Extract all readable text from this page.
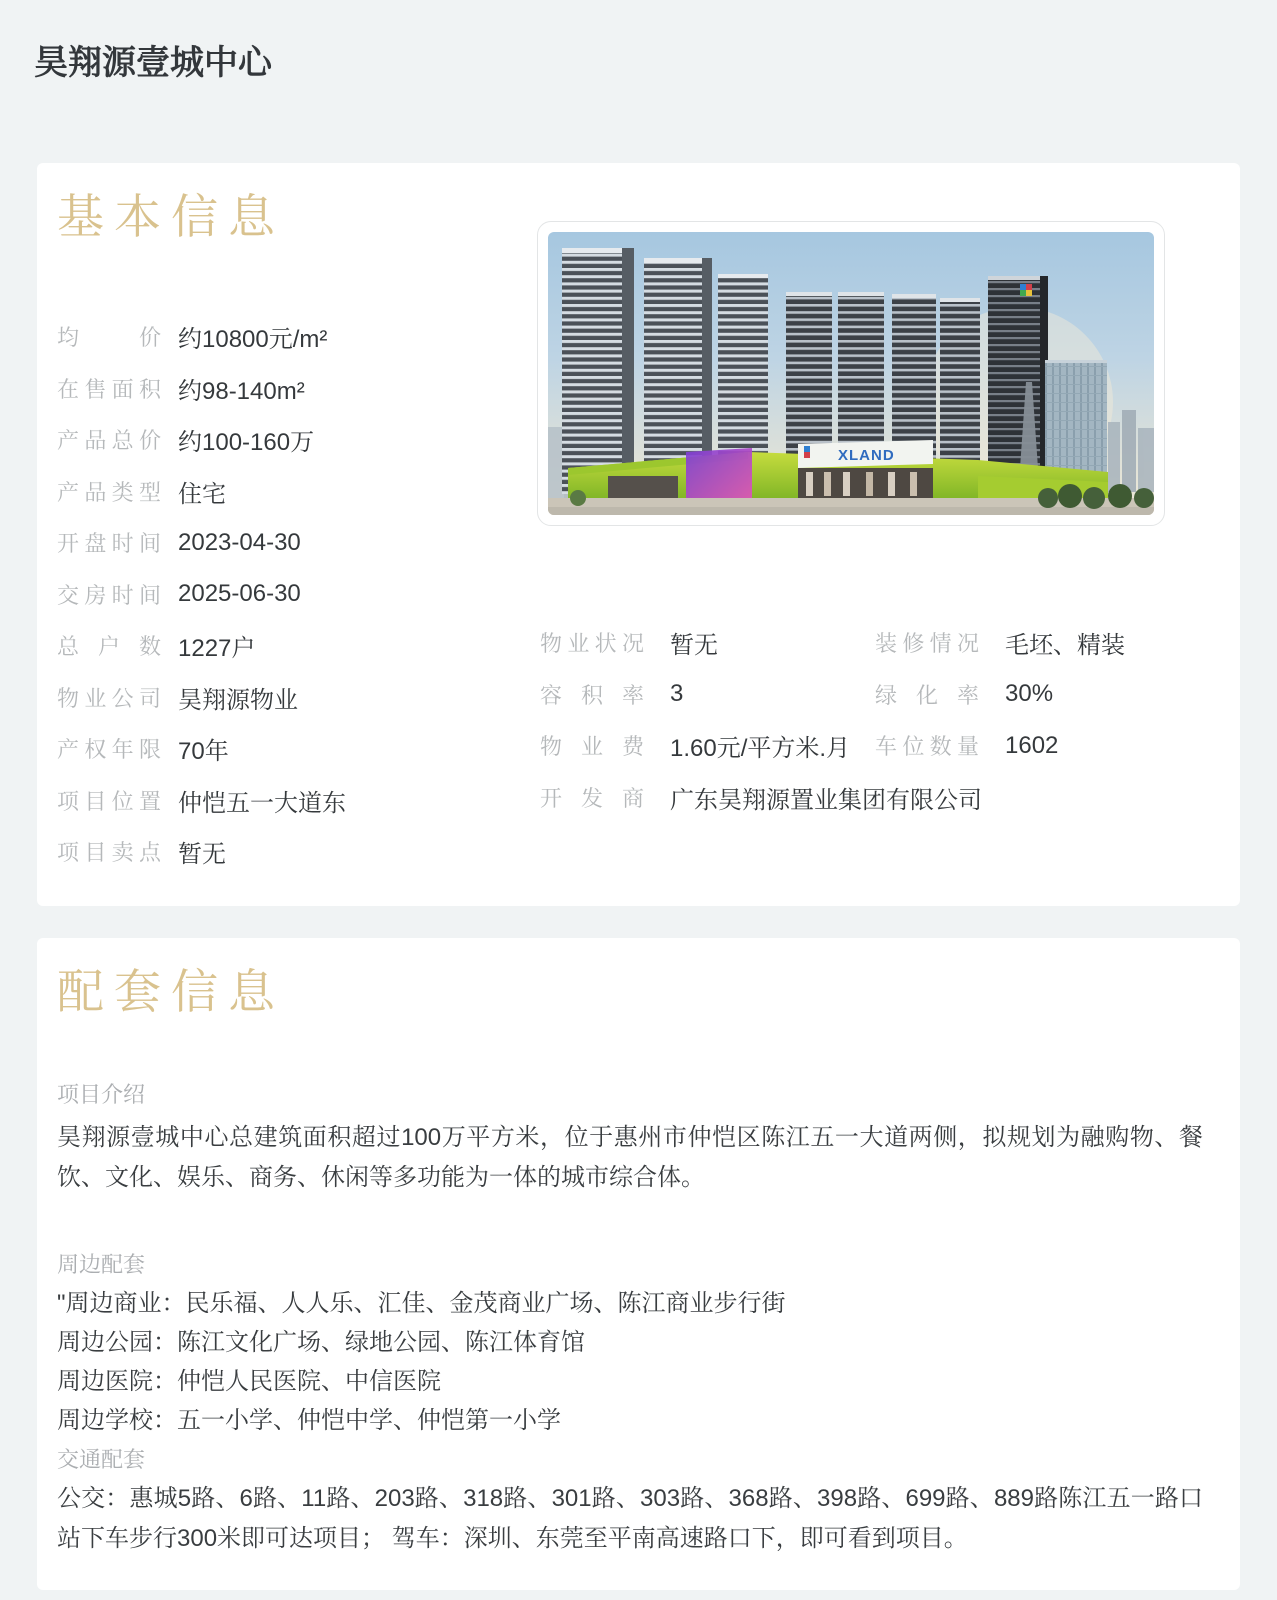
昊翔源壹城中心
基本信息
均价 约10800元/m²
在售面积 约98-140m²
产品总价 约100-160万
产品类型 住宅
开盘时间 2023-04-30
交房时间 2025-06-30
总户数 1227户
物业公司 昊翔源物业
产权年限 70年
项目位置 仲恺五一大道东
项目卖点 暂无
XLAND
物业状况 暂无	装修情况 毛坯、精装
容积率 3	绿化率 30%
物业费 1.60元/平方米.月	车位数量 1602
开发商 广东昊翔源置业集团有限公司
配套信息
项目介绍
昊翔源壹城中心总建筑面积超过100万平方米，位于惠州市仲恺区陈江五一大道两侧，拟规划为融购物、餐饮、文化、娱乐、商务、休闲等多功能为一体的城市综合体。
周边配套
"周边商业：民乐福、人人乐、汇佳、金茂商业广场、陈江商业步行街
周边公园：陈江文化广场、绿地公园、陈江体育馆
周边医院：仲恺人民医院、中信医院
周边学校：五一小学、仲恺中学、仲恺第一小学
交通配套
公交：惠城5路、6路、11路、203路、318路、301路、303路、368路、398路、699路、889路陈江五一路口站下车步行300米即可达项目； 驾车：深圳、东莞至平南高速路口下，即可看到项目。
